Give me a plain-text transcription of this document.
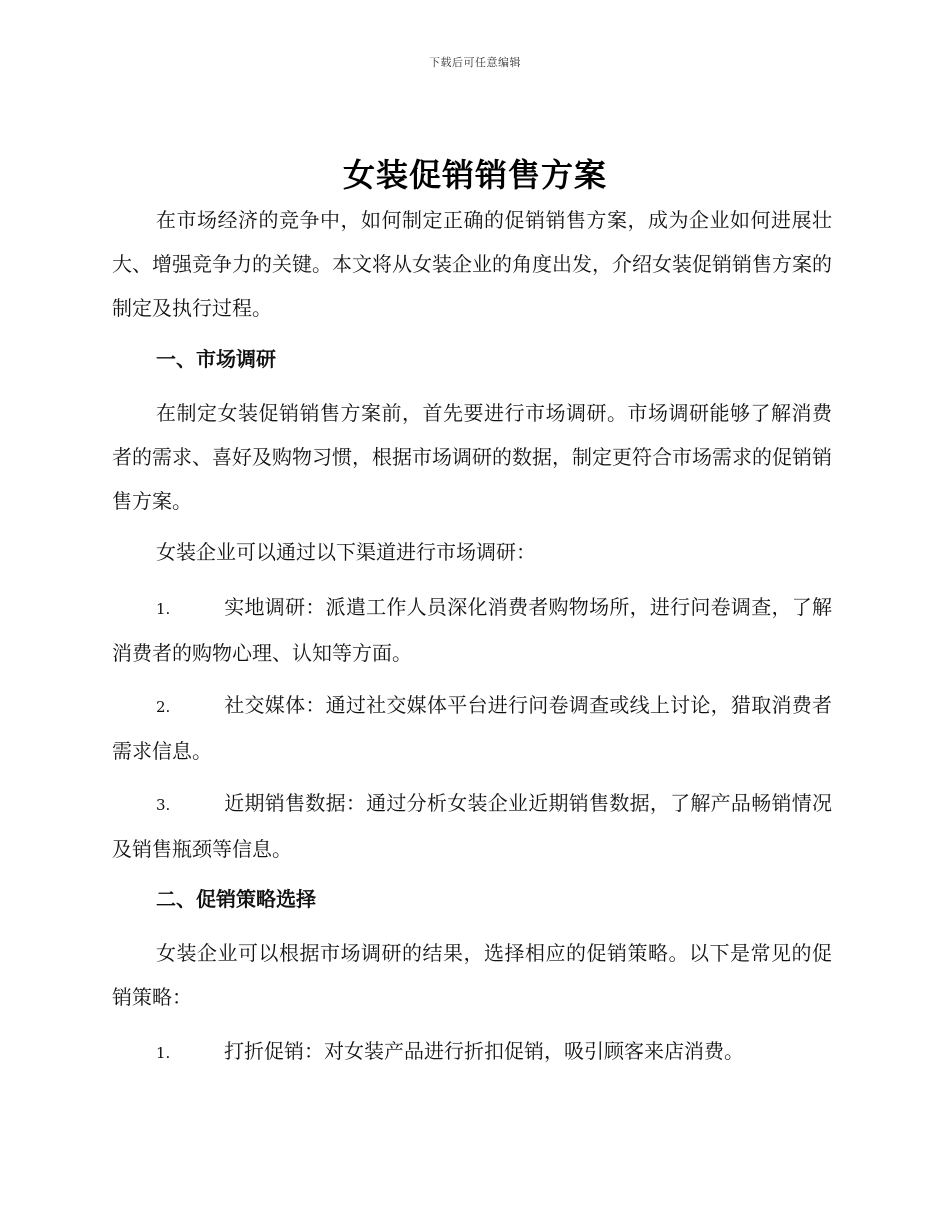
下载后可任意编辑
女装促销销售方案

在市场经济的竞争中，如何制定正确的促销销售方案，成为企业如何进展壮大、增强竞争力的关键。本文将从女装企业的角度出发，介绍女装促销销售方案的制定及执行过程。

一、市场调研

在制定女装促销销售方案前，首先要进行市场调研。市场调研能够了解消费者的需求、喜好及购物习惯，根据市场调研的数据，制定更符合市场需求的促销销售方案。

女装企业可以通过以下渠道进行市场调研：

1.	实地调研：派遣工作人员深化消费者购物场所，进行问卷调查，了解消费者的购物心理、认知等方面。

2.	社交媒体：通过社交媒体平台进行问卷调查或线上讨论，猎取消费者需求信息。

3.	近期销售数据：通过分析女装企业近期销售数据，了解产品畅销情况及销售瓶颈等信息。

二、促销策略选择

女装企业可以根据市场调研的结果，选择相应的促销策略。以下是常见的促销策略：

1.	打折促销：对女装产品进行折扣促销，吸引顾客来店消费。
